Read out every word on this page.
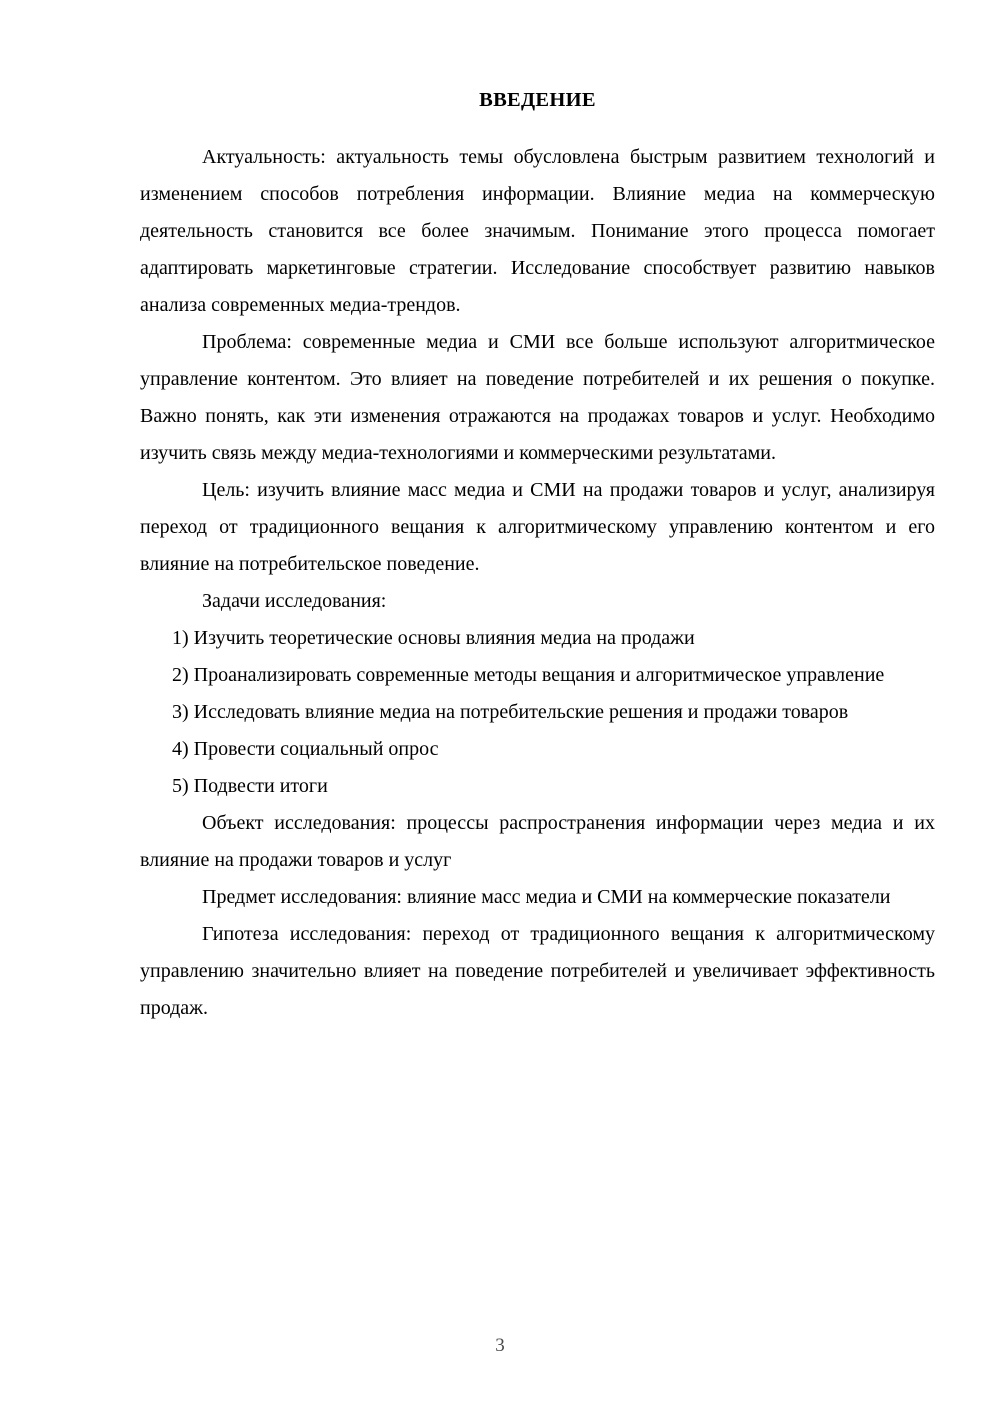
ВВЕДЕНИЕ

Актуальность: актуальность темы обусловлена быстрым развитием технологий и изменением способов потребления информации. Влияние медиа на коммерческую деятельность становится все более значимым. Понимание этого процесса помогает адаптировать маркетинговые стратегии. Исследование способствует развитию навыков анализа современных медиа-трендов.

Проблема: современные медиа и СМИ все больше используют алгоритмическое управление контентом. Это влияет на поведение потребителей и их решения о покупке. Важно понять, как эти изменения отражаются на продажах товаров и услуг. Необходимо изучить связь между медиа-технологиями и коммерческими результатами.

Цель: изучить влияние масс медиа и СМИ на продажи товаров и услуг, анализируя переход от традиционного вещания к алгоритмическому управлению контентом и его влияние на потребительское поведение.

Задачи исследования:

1) Изучить теоретические основы влияния медиа на продажи

2) Проанализировать современные методы вещания и алгоритмическое управление

3) Исследовать влияние медиа на потребительские решения и продажи товаров

4) Провести социальный опрос

5) Подвести итоги

Объект исследования: процессы распространения информации через медиа и их влияние на продажи товаров и услуг

Предмет исследования: влияние масс медиа и СМИ на коммерческие показатели

Гипотеза исследования: переход от традиционного вещания к алгоритмическому управлению значительно влияет на поведение потребителей и увеличивает эффективность продаж.

3
